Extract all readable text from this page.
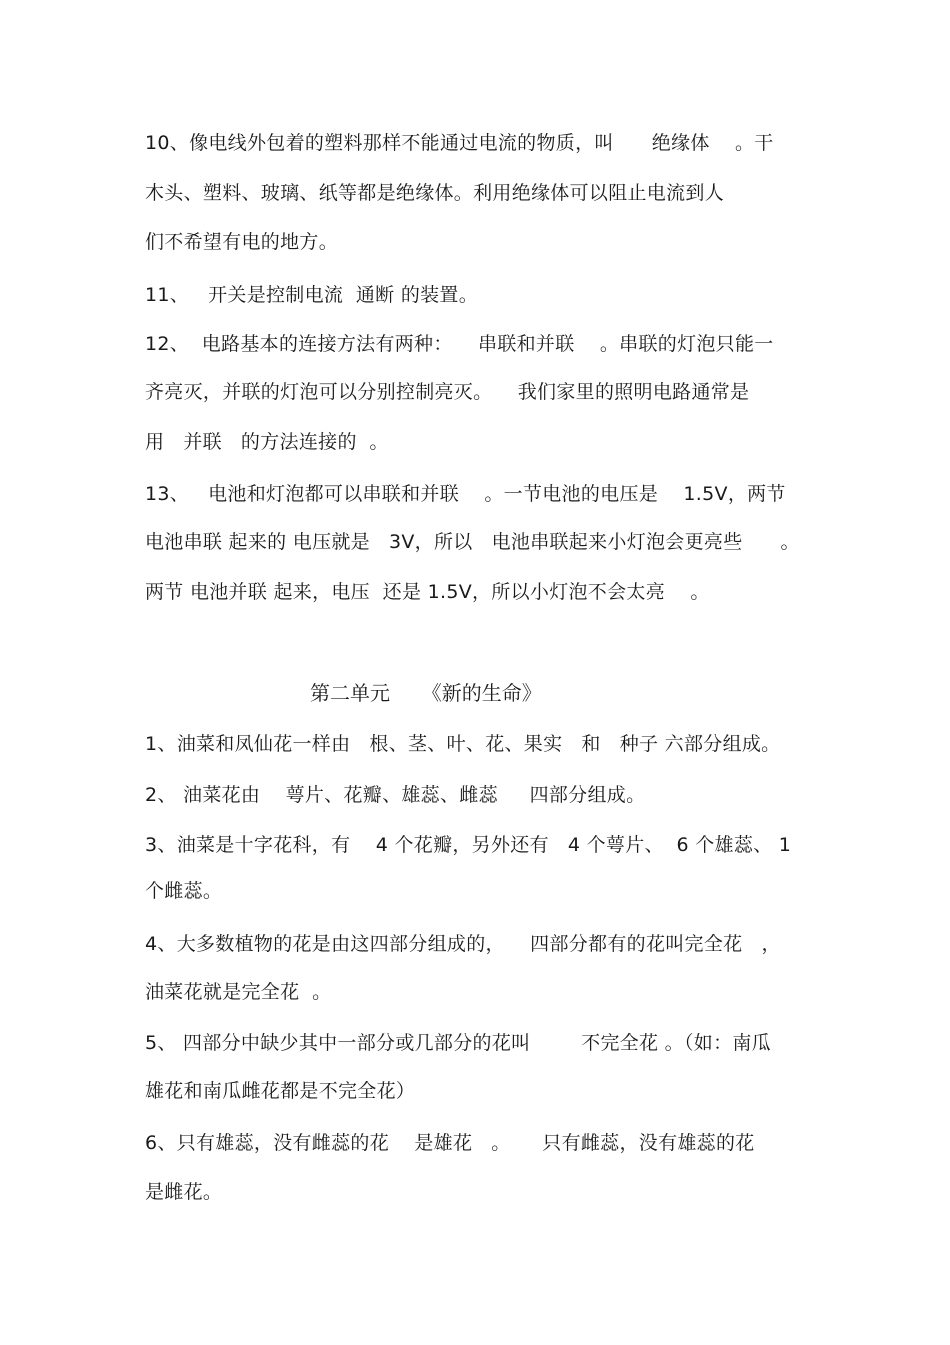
10、像电线外包着的塑料那样不能通过电流的物质，叫      绝缘体    。干
木头、塑料、玻璃、纸等都是绝缘体。利用绝缘体可以阻止电流到人
们不希望有电的地方。
11、   开关是控制电流  通断 的装置。
12、  电路基本的连接方法有两种：    串联和并联    。串联的灯泡只能一
齐亮灭，并联的灯泡可以分别控制亮灭。    我们家里的照明电路通常是
用   并联   的方法连接的  。
13、   电池和灯泡都可以串联和并联    。一节电池的电压是    1.5V，两节
电池串联 起来的 电压就是   3V，所以   电池串联起来小灯泡会更亮些      。
两节 电池并联 起来，电压  还是 1.5V，所以小灯泡不会太亮    。
第二单元     《新的生命》
1、油菜和凤仙花一样由   根、茎、叶、花、果实   和   种子 六部分组成。
2、 油菜花由    萼片、花瓣、雄蕊、雌蕊     四部分组成。
3、油菜是十字花科，有    4 个花瓣，另外还有   4 个萼片、  6 个雄蕊、 1
个雌蕊。
4、大多数植物的花是由这四部分组成的，    四部分都有的花叫完全花   ，
油菜花就是完全花  。
5、 四部分中缺少其中一部分或几部分的花叫        不完全花 。（如：南瓜
雄花和南瓜雌花都是不完全花）
6、只有雄蕊，没有雌蕊的花    是雄花   。     只有雌蕊，没有雄蕊的花
是雌花。
